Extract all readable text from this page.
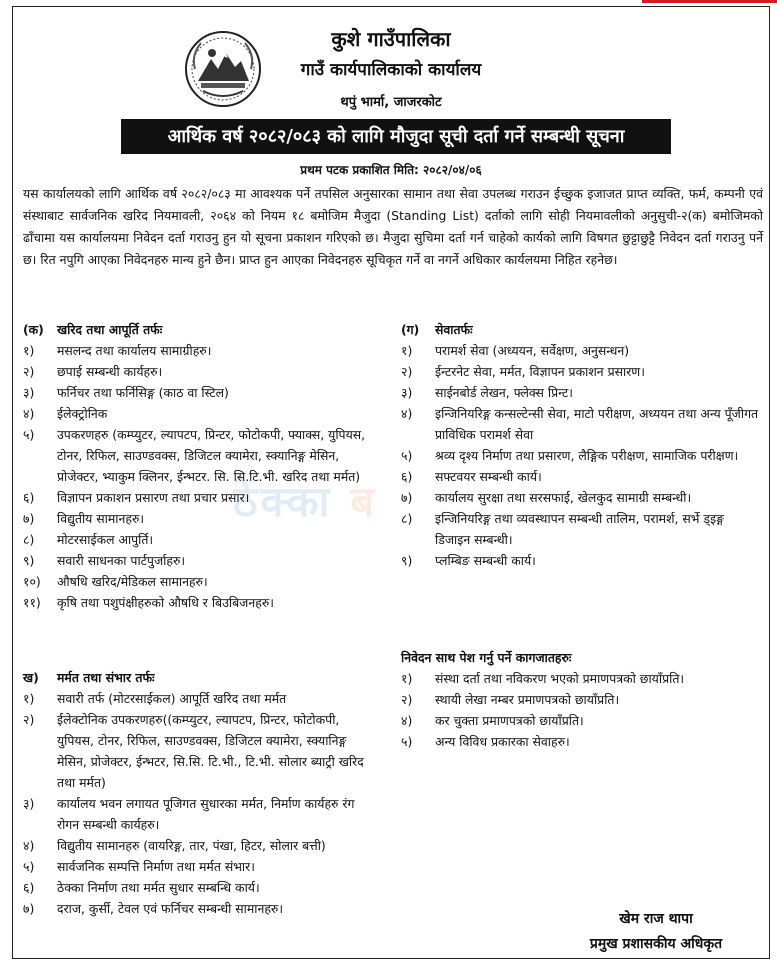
कुशे गाउँपालिका
गाउँ कार्यपालिकाको कार्यालय
थपुं भार्मा, जाजरकोट
आर्थिक वर्ष २०८२/०८३ को लागि मौजुदा सूची दर्ता गर्ने सम्बन्धी सूचना
प्रथम पटक प्रकाशित मिति: २०८२/०४/०६

यस कार्यालयको लागि आर्थिक वर्ष २०८२/०८३ मा आवश्यक पर्ने तपसिल अनुसारका सामान तथा सेवा उपलब्ध गराउन ईच्छुक इजाजत प्राप्त व्यक्ति, फर्म, कम्पनी एवं संस्थाबाट सार्वजनिक खरिद नियमावली, २०६४ को नियम १८ बमोजिम मैजुदा (Standing List) दर्ताको लागि सोही नियमावलीको अनुसुची-२(क) बमोजिमको ढाँचामा यस कार्यालयमा निवेदन दर्ता गराउनु हुन यो सूचना प्रकाशन गरिएको छ। मैजुदा सुचिमा दर्ता गर्न चाहेको कार्यको लागि विषगत छुट्टाछुट्टै निवेदन दर्ता गराउनु पर्ने छ। रित नपुगि आएका निवेदनहरु मान्य हुने छैन। प्राप्त हुन आएका निवेदनहरु सूचिकृत गर्ने वा नगर्ने अधिकार कार्यलयमा निहित रहनेछ।

ठेक्का ब
(क) खरिद तथा आपूर्ति तर्फः
१)	मसलन्द तथा कार्यालय सामाग्रीहरु।
२)	छपाई सम्बन्धी कार्यहरु।
३)	फर्निचर तथा फर्निसिङ्ग (काठ वा स्टिल)
४)	ईलेक्ट्रोनिक
५)	उपकरणहरु (कम्प्युटर, ल्यापटप, प्रिन्टर, फोटोकपी, फ्याक्स, युपियस, टोनर, रिफिल, साउण्डवक्स, डिजिटल क्यामेरा, स्क्यानिङ्ग मेसिन, प्रोजेक्टर, भ्याकुम क्लिनर, ईन्भटर. सि. सि.टि.भी. खरिद तथा मर्मत)
६)	विज्ञापन प्रकाशन प्रसारण तथा प्रचार प्रसार।
७)	विद्युतीय सामानहरु।
८)	मोटरसाईकल आपुर्ति।
९)	सवारी साधनका पार्टपुर्जाहरु।
१०)	औषधि खरिद/मेडिकल सामानहरु।
११)	कृषि तथा पशुपंक्षीहरुको औषधि र बिउबिजनहरु।
ख) मर्मत तथा संभार तर्फः
१)	सवारी तर्फ (मोटरसाईकल) आपूर्ति खरिद तथा मर्मत
२)	ईलेक्टोनिक उपकरणहरु((कम्प्युटर, ल्यापटप, प्रिन्टर, फोटोकपी, युपियस, टोनर, रिफिल, साउण्डवक्स, डिजिटल क्यामेरा, स्क्यानिङ्ग मेसिन, प्रोजेक्टर, ईन्भटर, सि.सि. टि.भी., टि.भी. सोलार ब्याट्री खरिद तथा मर्मत)
३)	कार्यालय भवन लगायत पूजिगत सुधारका मर्मत, निर्माण कार्यहरु रंग रोगन सम्बन्धी कार्यहरु।
४)	विद्युतीय सामानहरु (वायरिङ्ग, तार, पंखा, हिटर, सोलार बत्ती)
५)	सार्वजनिक सम्पत्ति निर्माण तथा मर्मत संभार।
६)	ठेक्का निर्माण तथा मर्मत सुधार सम्बन्धि कार्य।
७)	दराज, कुर्सी, टेवल एवं फर्निचर सम्बन्धी सामानहरु।
(ग) सेवातर्फः
१)	परामर्श सेवा (अध्ययन, सर्वेक्षण, अनुसन्धन)
२)	ईन्टरनेट सेवा, मर्मत, विज्ञापन प्रकाशन प्रसारण।
३)	साईनबोर्ड लेखन, फ्लेक्स प्रिन्ट।
४)	इन्जिनियरिङ्ग कन्सल्टेन्सी सेवा, माटो परीक्षण, अध्ययन तथा अन्य पूँजीगत प्राविधिक परामर्श सेवा
५)	श्रव्य दृश्य निर्माण तथा प्रसारण, लैङ्गिक परीक्षण, सामाजिक परीक्षण।
६)	सफ्टवयर सम्बन्धी कार्य।
७)	कार्यालय सुरक्षा तथा सरसफाई, खेलकुद सामाग्री सम्बन्धी।
८)	इन्जिनियरिङ्ग तथा व्यवस्थापन सम्बन्धी तालिम, परामर्श, सर्भे ड्इङ्ग डिजाइन सम्बन्धी।
९)	प्लम्बिङ सम्बन्धी कार्य।
निवेदन साथ पेश गर्नु पर्ने कागजातहरुः
१)	संस्था दर्ता तथा नविकरण भएको प्रमाणपत्रको छायाँप्रति।
२)	स्थायी लेखा नम्बर प्रमाणपत्रको छायाँप्रति।
४)	कर चुक्ता प्रमाणपत्रको छायाँप्रति।
५)	अन्य विविध प्रकारका सेवाहरु।
खेम राज थापा
प्रमुख प्रशासकीय अधिकृत
